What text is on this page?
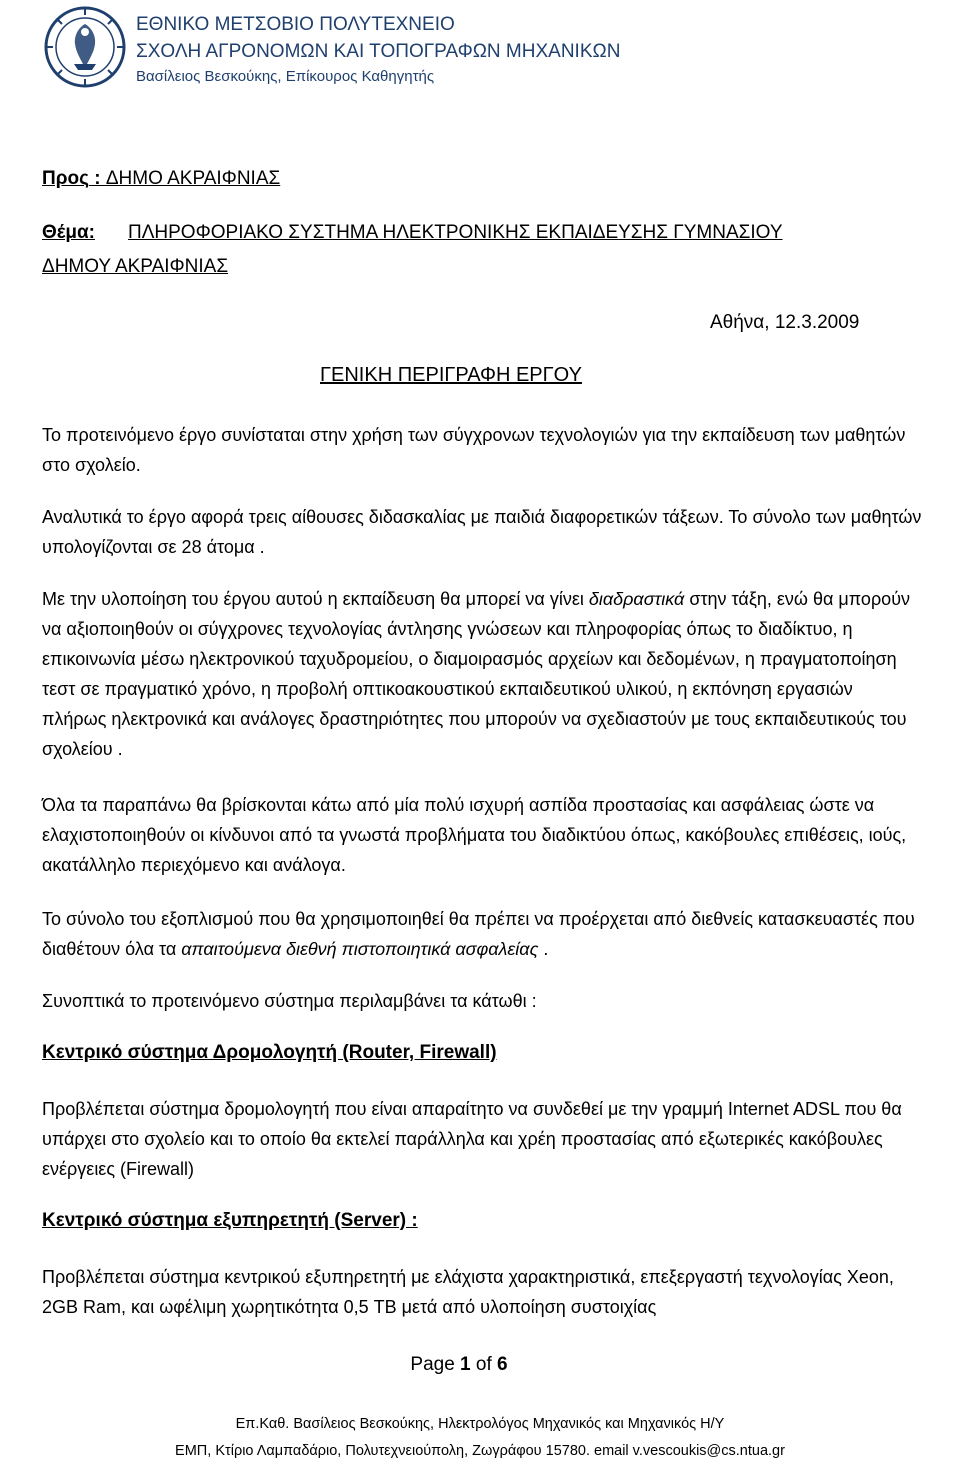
ΕΘΝΙΚΟ ΜΕΤΣΟΒΙΟ ΠΟΛΥΤΕΧΝΕΙΟ
ΣΧΟΛΗ ΑΓΡΟΝΟΜΩΝ ΚΑΙ ΤΟΠΟΓΡΑΦΩΝ ΜΗΧΑΝΙΚΩΝ
Βασίλειος Βεσκούκης, Επίκουρος Καθηγητής
Προς : ΔΗΜΟ ΑΚΡΑΙΦΝΙΑΣ
Θέμα: ΠΛΗΡΟΦΟΡΙΑΚΟ ΣΥΣΤΗΜΑ ΗΛΕΚΤΡΟΝΙΚΗΣ ΕΚΠΑΙΔΕΥΣΗΣ ΓΥΜΝΑΣΙΟΥ
ΔΗΜΟΥ ΑΚΡΑΙΦΝΙΑΣ
Αθήνα, 12.3.2009
ΓΕΝΙΚΗ ΠΕΡΙΓΡΑΦΗ ΕΡΓΟΥ
Το προτεινόμενο έργο συνίσταται στην χρήση των σύγχρονων τεχνολογιών για την εκπαίδευση των μαθητών στο σχολείο.
Αναλυτικά το έργο αφορά τρεις αίθουσες διδασκαλίας με παιδιά διαφορετικών τάξεων. Το σύνολο των μαθητών υπολογίζονται σε 28 άτομα .
Με την υλοποίηση του έργου αυτού η εκπαίδευση θα μπορεί να γίνει διαδραστικά στην τάξη, ενώ θα μπορούν να αξιοποιηθούν οι σύγχρονες τεχνολογίας άντλησης γνώσεων και πληροφορίας όπως το διαδίκτυο, η επικοινωνία μέσω ηλεκτρονικού ταχυδρομείου, ο διαμοιρασμός αρχείων και δεδομένων, η πραγματοποίηση τεστ σε πραγματικό χρόνο, η προβολή οπτικοακουστικού εκπαιδευτικού υλικού, η εκπόνηση εργασιών πλήρως ηλεκτρονικά και ανάλογες δραστηριότητες που μπορούν να σχεδιαστούν με τους εκπαιδευτικούς του σχολείου .
Όλα τα παραπάνω θα βρίσκονται κάτω από μία πολύ ισχυρή ασπίδα προστασίας και ασφάλειας ώστε να ελαχιστοποιηθούν οι κίνδυνοι από τα γνωστά προβλήματα του διαδικτύου όπως, κακόβουλες επιθέσεις, ιούς, ακατάλληλο περιεχόμενο και ανάλογα.
Το σύνολο του εξοπλισμού που θα χρησιμοποιηθεί θα πρέπει να προέρχεται από διεθνείς κατασκευαστές που διαθέτουν όλα τα απαιτούμενα διεθνή πιστοποιητικά ασφαλείας .
Συνοπτικά το προτεινόμενο σύστημα περιλαμβάνει τα κάτωθι :
Κεντρικό σύστημα Δρομολογητή (Router, Firewall)
Προβλέπεται σύστημα δρομολογητή που είναι απαραίτητο να συνδεθεί με την γραμμή Internet ADSL που θα υπάρχει στο σχολείο και το οποίο θα εκτελεί παράλληλα και χρέη προστασίας από εξωτερικές κακόβουλες ενέργειες (Firewall)
Κεντρικό σύστημα εξυπηρετητή (Server) :
Προβλέπεται σύστημα κεντρικού εξυπηρετητή με ελάχιστα χαρακτηριστικά, επεξεργαστή τεχνολογίας Xeon, 2GB Ram, και ωφέλιμη χωρητικότητα 0,5 TB μετά από υλοποίηση συστοιχίας
Page 1 of 6
Επ.Καθ. Βασίλειος Βεσκούκης, Ηλεκτρολόγος Μηχανικός και Μηχανικός Η/Υ
ΕΜΠ, Κτίριο Λαμπαδάριο, Πολυτεχνειούπολη, Ζωγράφου 15780. email v.vescoukis@cs.ntua.gr
